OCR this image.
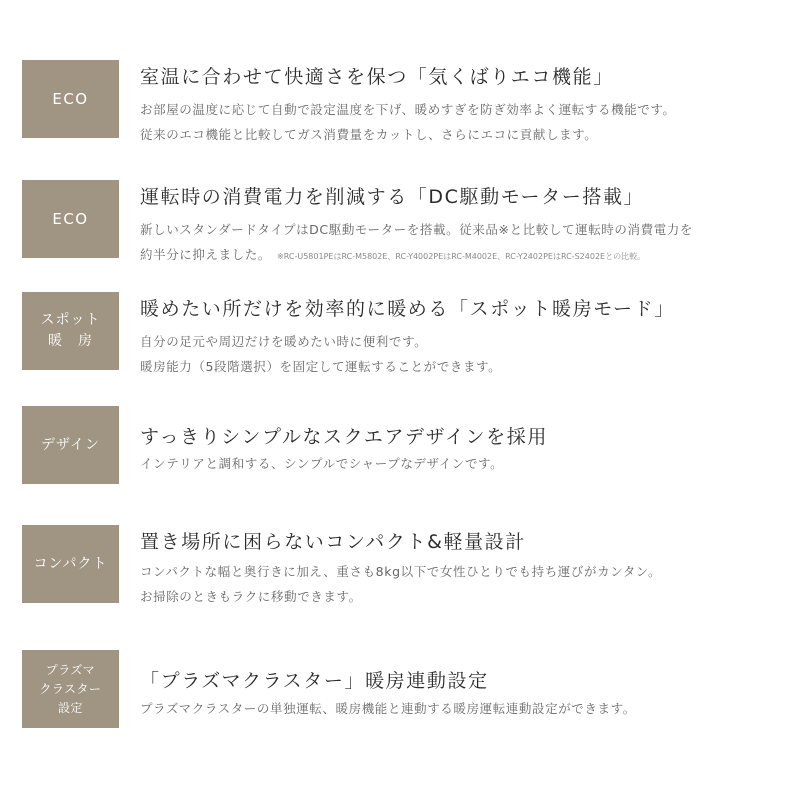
ECO
室温に合わせて快適さを保つ「気くばりエコ機能」
お部屋の温度に応じて自動で設定温度を下げ、暖めすぎを防ぎ効率よく運転する機能です。
従来のエコ機能と比較してガス消費量をカットし、さらにエコに貢献します。
ECO
運転時の消費電力を削減する「DC駆動モーター搭載」
新しいスタンダードタイプはDC駆動モーターを搭載。従来品※と比較して運転時の消費電力を
約半分に抑えました。 ※RC-U5801PEはRC-M5802E、RC-Y4002PEはRC-M4002E、RC-Y2402PEはRC-S2402Eとの比較。
スポット
暖　房
暖めたい所だけを効率的に暖める「スポット暖房モード」
自分の足元や周辺だけを暖めたい時に便利です。
暖房能力（5段階選択）を固定して運転することができます。
デザイン	すっきりシンプルなスクエアデザインを採用
インテリアと調和する、シンプルでシャープなデザインです。
コンパクト
置き場所に困らないコンパクト&軽量設計
コンパクトな幅と奥行きに加え、重さも8kg以下で女性ひとりでも持ち運びがカンタン。
お掃除のときもラクに移動できます。
プラズマ
クラスター
設定
「プラズマクラスター」暖房連動設定
プラズマクラスターの単独運転、暖房機能と連動する暖房運転連動設定ができます。
